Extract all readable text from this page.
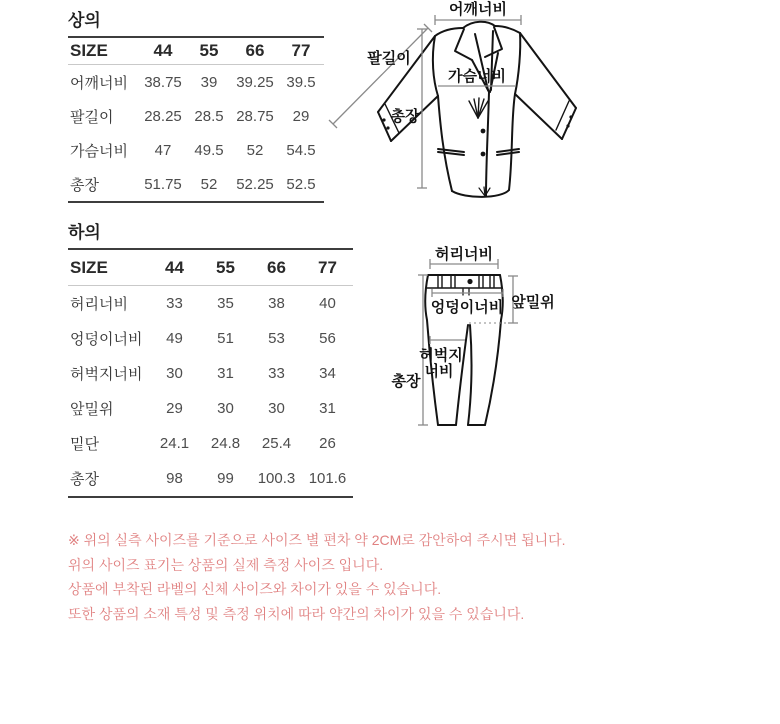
상의
SIZE	44	55	66	77
어깨너비	38.75	39	39.25	39.5
팔길이	28.25	28.5	28.75	29
가슴너비	47	49.5	52	54.5
총장	51.75	52	52.25	52.5
어깨너비
팔길이
가슴너비
총장
하의
SIZE	44	55	66	77
허리너비	33	35	38	40
엉덩이너비	49	51	53	56
허벅지너비	30	31	33	34
앞밀위	29	30	30	31
밑단	24.1	24.8	25.4	26
총장	98	99	100.3	101.6
허리너비
앞밀위
엉덩이너비
허벅지
너비
총장

※ 위의 실측 사이즈를 기준으로 사이즈 별 편차 약 2CM로 감안하여 주시면 됩니다.

위의 사이즈 표기는 상품의 실제 측정 사이즈 입니다.

상품에 부착된 라벨의 신체 사이즈와 차이가 있을 수 있습니다.

또한 상품의 소재 특성 및 측정 위치에 따라 약간의 차이가 있을 수 있습니다.
